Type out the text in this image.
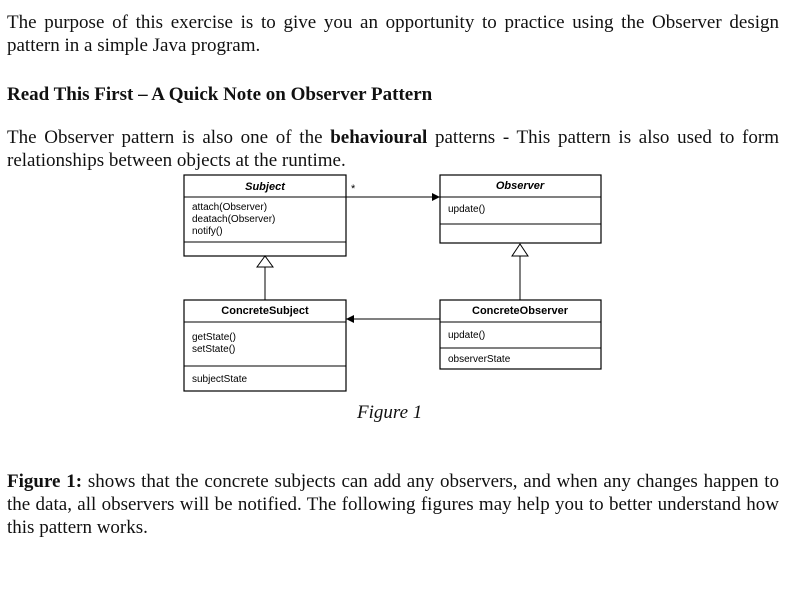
The purpose of this exercise is to give you an opportunity to practice using the Observer design pattern in a simple Java program.

Read This First – A Quick Note on Observer Pattern

The Observer pattern is also one of the behavioural patterns - This pattern is also used to form relationships between objects at the runtime.

Subject
attach(Observer)
deatach(Observer)
notify()
Observer
update()
ConcreteSubject
getState()
setState()
subjectState
ConcreteObserver
update()
observerState
*
Figure 1

Figure 1: shows that the concrete subjects can add any observers, and when any changes happen to the data, all observers will be notified. The following figures may help you to better understand how this pattern works.
